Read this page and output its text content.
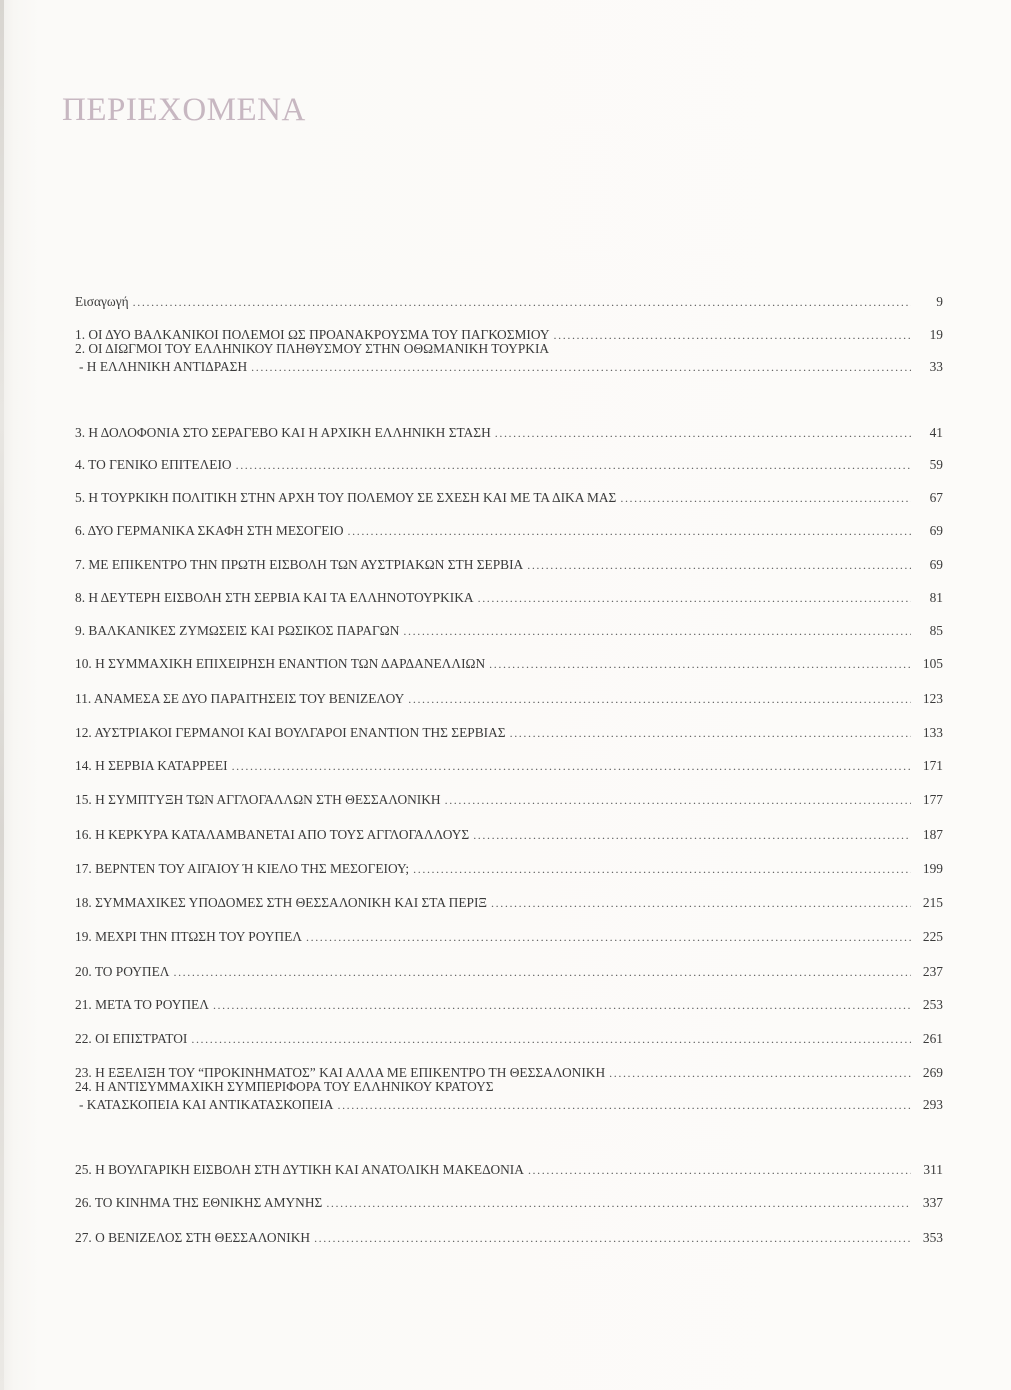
ΠΕΡΙΕΧΟΜΕΝΑ
Εισαγωγή .....	9
1. ΟΙ ΔΥΟ ΒΑΛΚΑΝΙΚΟΙ ΠΟΛΕΜΟΙ ΩΣ ΠΡΟΑΝΑΚΡΟΥΣΜΑ ΤΟΥ ΠΑΓΚΟΣΜΙΟΥ .....	19
2. ΟΙ ΔΙΩΓΜΟΙ ΤΟΥ ΕΛΛΗΝΙΚΟΥ ΠΛΗΘΥΣΜΟΥ ΣΤΗΝ ΟΘΩΜΑΝΙΚΗ ΤΟΥΡΚΙΑ
- Η ΕΛΛΗΝΙΚΗ ΑΝΤΙΔΡΑΣΗ .....	33
3. Η ΔΟΛΟΦΟΝΙΑ ΣΤΟ ΣΕΡΑΓΕΒΟ ΚΑΙ Η ΑΡΧΙΚΗ ΕΛΛΗΝΙΚΗ ΣΤΑΣΗ .....	41
4. ΤΟ ΓΕΝΙΚΟ ΕΠΙΤΕΛΕΙΟ .....	59
5. Η ΤΟΥΡΚΙΚΗ ΠΟΛΙΤΙΚΗ ΣΤΗΝ ΑΡΧΗ ΤΟΥ ΠΟΛΕΜΟΥ ΣΕ ΣΧΕΣΗ ΚΑΙ ΜΕ ΤΑ ΔΙΚΑ ΜΑΣ .....	67
6. ΔΥΟ ΓΕΡΜΑΝΙΚΑ ΣΚΑΦΗ ΣΤΗ ΜΕΣΟΓΕΙΟ .....	69
7. ΜΕ ΕΠΙΚΕΝΤΡΟ ΤΗΝ ΠΡΩΤΗ ΕΙΣΒΟΛΗ ΤΩΝ ΑΥΣΤΡΙΑΚΩΝ ΣΤΗ ΣΕΡΒΙΑ .....	69
8. Η ΔΕΥΤΕΡΗ ΕΙΣΒΟΛΗ ΣΤΗ ΣΕΡΒΙΑ ΚΑΙ ΤΑ ΕΛΛΗΝΟΤΟΥΡΚΙΚΑ .....	81
9. ΒΑΛΚΑΝΙΚΕΣ ΖΥΜΩΣΕΙΣ ΚΑΙ ΡΩΣΙΚΟΣ ΠΑΡΑΓΩΝ .....	85
10. Η ΣΥΜΜΑΧΙΚΗ ΕΠΙΧΕΙΡΗΣΗ ΕΝΑΝΤΙΟΝ ΤΩΝ ΔΑΡΔΑΝΕΛΛΙΩΝ .....	105
11. ΑΝΑΜΕΣΑ ΣΕ ΔΥΟ ΠΑΡΑΙΤΗΣΕΙΣ ΤΟΥ ΒΕΝΙΖΕΛΟΥ .....	123
12. ΑΥΣΤΡΙΑΚΟΙ ΓΕΡΜΑΝΟΙ ΚΑΙ ΒΟΥΛΓΑΡΟΙ ΕΝΑΝΤΙΟΝ ΤΗΣ ΣΕΡΒΙΑΣ .....	133
14. Η ΣΕΡΒΙΑ ΚΑΤΑΡΡΕΕΙ .....	171
15. Η ΣΥΜΠΤΥΞΗ ΤΩΝ ΑΓΓΛΟΓΑΛΛΩΝ ΣΤΗ ΘΕΣΣΑΛΟΝΙΚΗ .....	177
16. Η ΚΕΡΚΥΡΑ ΚΑΤΑΛΑΜΒΑΝΕΤΑΙ ΑΠΟ ΤΟΥΣ ΑΓΓΛΟΓΑΛΛΟΥΣ .....	187
17. ΒΕΡΝΤΕΝ ΤΟΥ ΑΙΓΑΙΟΥ Ή ΚΙΕΛΟ ΤΗΣ ΜΕΣΟΓΕΙΟΥ; .....	199
18. ΣΥΜΜΑΧΙΚΕΣ ΥΠΟΔΟΜΕΣ ΣΤΗ ΘΕΣΣΑΛΟΝΙΚΗ ΚΑΙ ΣΤΑ ΠΕΡΙΞ .....	215
19. ΜΕΧΡΙ ΤΗΝ ΠΤΩΣΗ ΤΟΥ ΡΟΥΠΕΛ .....	225
20. ΤΟ ΡΟΥΠΕΛ .....	237
21. ΜΕΤΑ ΤΟ ΡΟΥΠΕΛ .....	253
22. ΟΙ ΕΠΙΣΤΡΑΤΟΙ .....	261
23. Η ΕΞΕΛΙΞΗ ΤΟΥ “ΠΡΟΚΙΝΗΜΑΤΟΣ” ΚΑΙ ΑΛΛΑ ΜΕ ΕΠΙΚΕΝΤΡΟ ΤΗ ΘΕΣΣΑΛΟΝΙΚΗ .....	269
24. Η ΑΝΤΙΣΥΜΜΑΧΙΚΗ ΣΥΜΠΕΡΙΦΟΡΑ ΤΟΥ ΕΛΛΗΝΙΚΟΥ ΚΡΑΤΟΥΣ
- ΚΑΤΑΣΚΟΠΕΙΑ ΚΑΙ ΑΝΤΙΚΑΤΑΣΚΟΠΕΙΑ .....	293
25. Η ΒΟΥΛΓΑΡΙΚΗ ΕΙΣΒΟΛΗ ΣΤΗ ΔΥΤΙΚΗ ΚΑΙ ΑΝΑΤΟΛΙΚΗ ΜΑΚΕΔΟΝΙΑ .....	311
26. ΤΟ ΚΙΝΗΜΑ ΤΗΣ ΕΘΝΙΚΗΣ ΑΜΥΝΗΣ .....	337
27. Ο ΒΕΝΙΖΕΛΟΣ ΣΤΗ ΘΕΣΣΑΛΟΝΙΚΗ .....	353
